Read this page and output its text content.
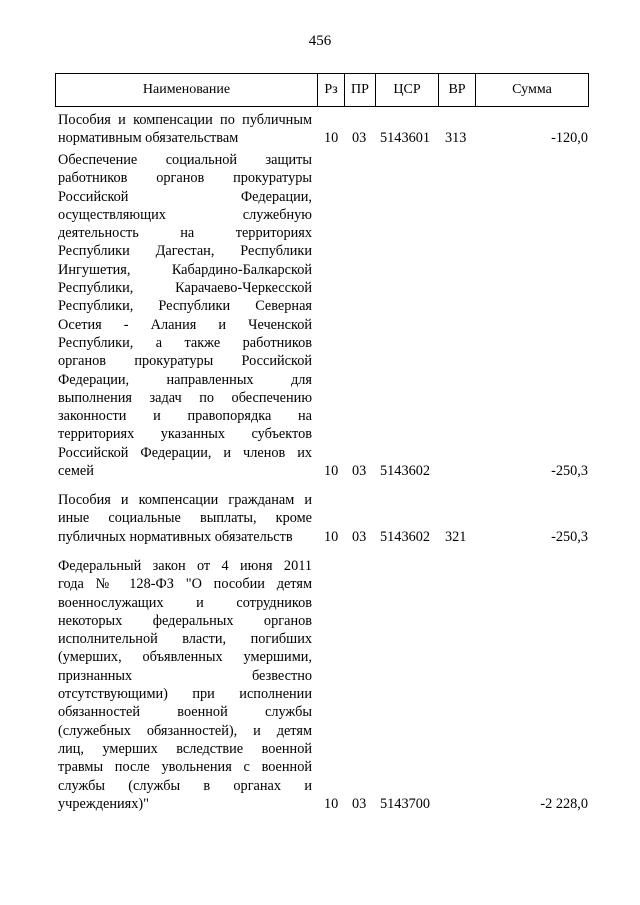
456
Наименование	Рз ПР	ЦСР	ВР	Сумма
Пособия и компенсации по публичным
нормативным обязательствам	10 03 5143601 313	-120,0
Обеспечение социальной защиты
работников органов прокуратуры
Российской Федерации,
осуществляющих служебную
деятельность на территориях
Республики Дагестан, Республики
Ингушетия, Кабардино-Балкарской
Республики, Карачаево-Черкесской
Республики, Республики Северная
Осетия - Алания и Чеченской
Республики, а также работников
органов прокуратуры Российской
Федерации, направленных для
выполнения задач по обеспечению
законности и правопорядка на
территориях указанных субъектов
Российской Федерации, и членов их
семей	10 03 5143602	-250,3
Пособия и компенсации гражданам и
иные социальные выплаты, кроме
публичных нормативных обязательств	10 03 5143602 321	-250,3
Федеральный закон от 4 июня 2011
года № 128-ФЗ "О пособии детям
военнослужащих и сотрудников
некоторых федеральных органов
исполнительной власти, погибших
(умерших, объявленных умершими,
признанных безвестно
отсутствующими) при исполнении
обязанностей военной службы
(служебных обязанностей), и детям
лиц, умерших вследствие военной
травмы после увольнения с военной
службы (службы в органах и
учреждениях)"	10 03 5143700	-2 228,0
